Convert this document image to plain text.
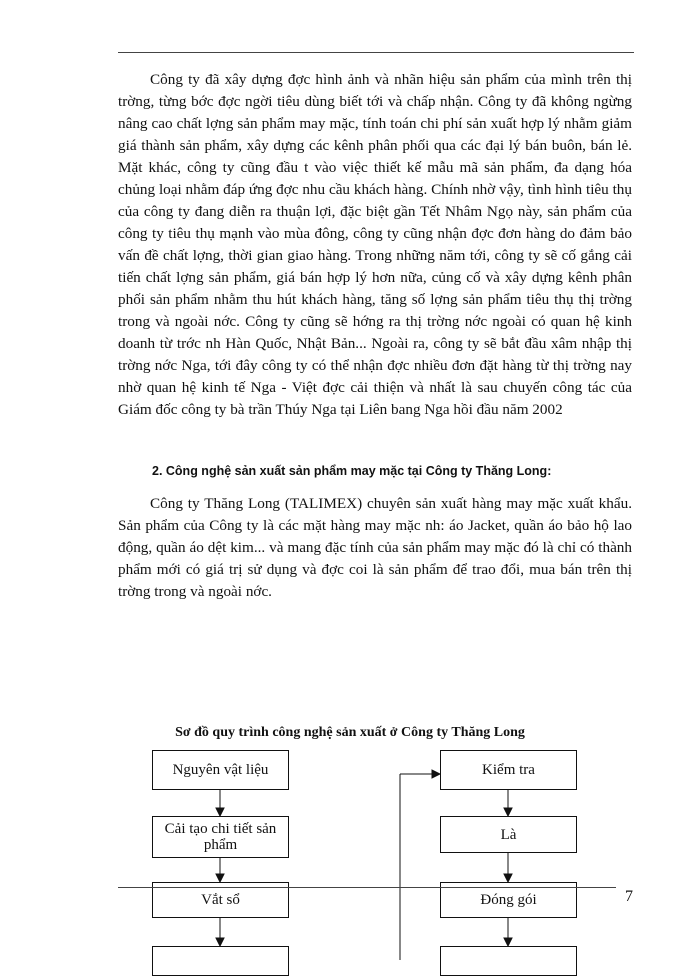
Công ty đã xây dựng đợc hình ảnh và nhãn hiệu sản phẩm của mình trên thị trờng, từng bớc đợc ngời tiêu dùng biết tới và chấp nhận. Công ty đã không ngừng nâng cao chất lợng sản phẩm may mặc, tính toán chi phí sản xuất hợp lý nhằm giảm giá thành sản phẩm, xây dựng các kênh phân phối qua các đại lý bán buôn, bán lẻ. Mặt khác, công ty cũng đầu t vào việc thiết kế mẫu mã sản phẩm, đa dạng hóa chủng loại nhằm đáp ứng đợc nhu cầu khách hàng. Chính nhờ vậy, tình hình tiêu thụ của công ty đang diễn ra thuận lợi, đặc biệt gần Tết Nhâm Ngọ này, sản phẩm của công ty tiêu thụ mạnh vào mùa đông, công ty cũng nhận đợc đơn hàng do đảm bảo vấn đề chất lợng, thời gian giao hàng. Trong những năm tới, công ty sẽ cố gắng cải tiến chất lợng sản phẩm, giá bán hợp lý hơn nữa, củng cố và xây dựng kênh phân phối sản phẩm nhằm thu hút khách hàng, tăng số lợng sản phẩm tiêu thụ thị trờng trong và ngoài nớc. Công ty cũng sẽ hớng ra thị trờng nớc ngoài có quan hệ kinh doanh từ trớc nh Hàn Quốc, Nhật Bản... Ngoài ra, công ty sẽ bắt đầu xâm nhập thị trờng nớc Nga, tới đây công ty có thể nhận đợc nhiều đơn đặt hàng từ thị trờng nay nhờ quan hệ kinh tế Nga - Việt đợc cải thiện và nhất là sau chuyến công tác của Giám đốc công ty bà trần Thúy Nga tại Liên bang Nga hồi đầu năm 2002

2. Công nghệ sản xuất sản phẩm may mặc tại Công ty Thăng Long:

Công ty Thăng Long (TALIMEX) chuyên sản xuất hàng may mặc xuất khẩu. Sản phẩm của Công ty là các mặt hàng may mặc nh: áo Jacket, quần áo bảo hộ lao động, quần áo dệt kim... và mang đặc tính của sản phẩm may mặc đó là chỉ có thành phẩm mới có giá trị sử dụng và đợc coi là sản phẩm để trao đổi, mua bán trên thị trờng trong và ngoài nớc.

Sơ đồ quy trình công nghệ sản xuất ở Công ty Thăng Long

Nguyên vật liệu
Cải tạo chi tiết sản phẩm
Vắt sổ
Kiểm tra
Là
Đóng gói	7
